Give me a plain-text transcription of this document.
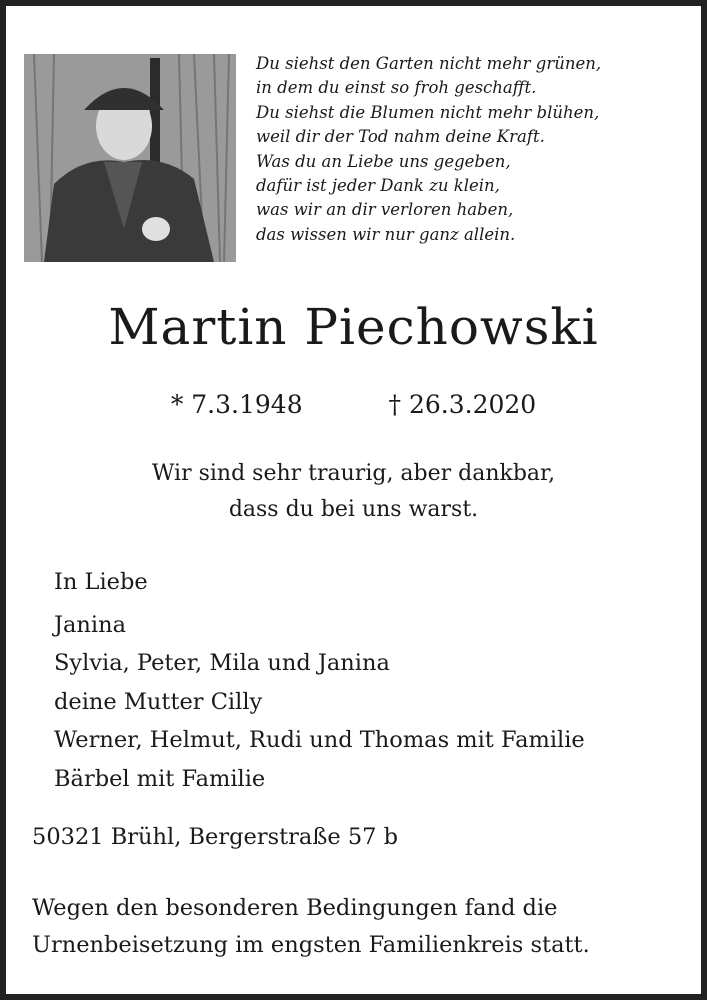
Du siehst den Garten nicht mehr grünen,
in dem du einst so froh geschafft.
Du siehst die Blumen nicht mehr blühen,
weil dir der Tod nahm deine Kraft.
Was du an Liebe uns gegeben,
dafür ist jeder Dank zu klein,
was wir an dir verloren haben,
das wissen wir nur ganz allein.
Martin Piechowski
* 7.3.1948	† 26.3.2020
Wir sind sehr traurig, aber dankbar,
dass du bei uns warst.
In Liebe
Janina
Sylvia, Peter, Mila und Janina
deine Mutter Cilly
Werner, Helmut, Rudi und Thomas mit Familie
Bärbel mit Familie
50321 Brühl, Bergerstraße 57 b
Wegen den besonderen Bedingungen fand die
Urnenbeisetzung im engsten Familienkreis statt.
